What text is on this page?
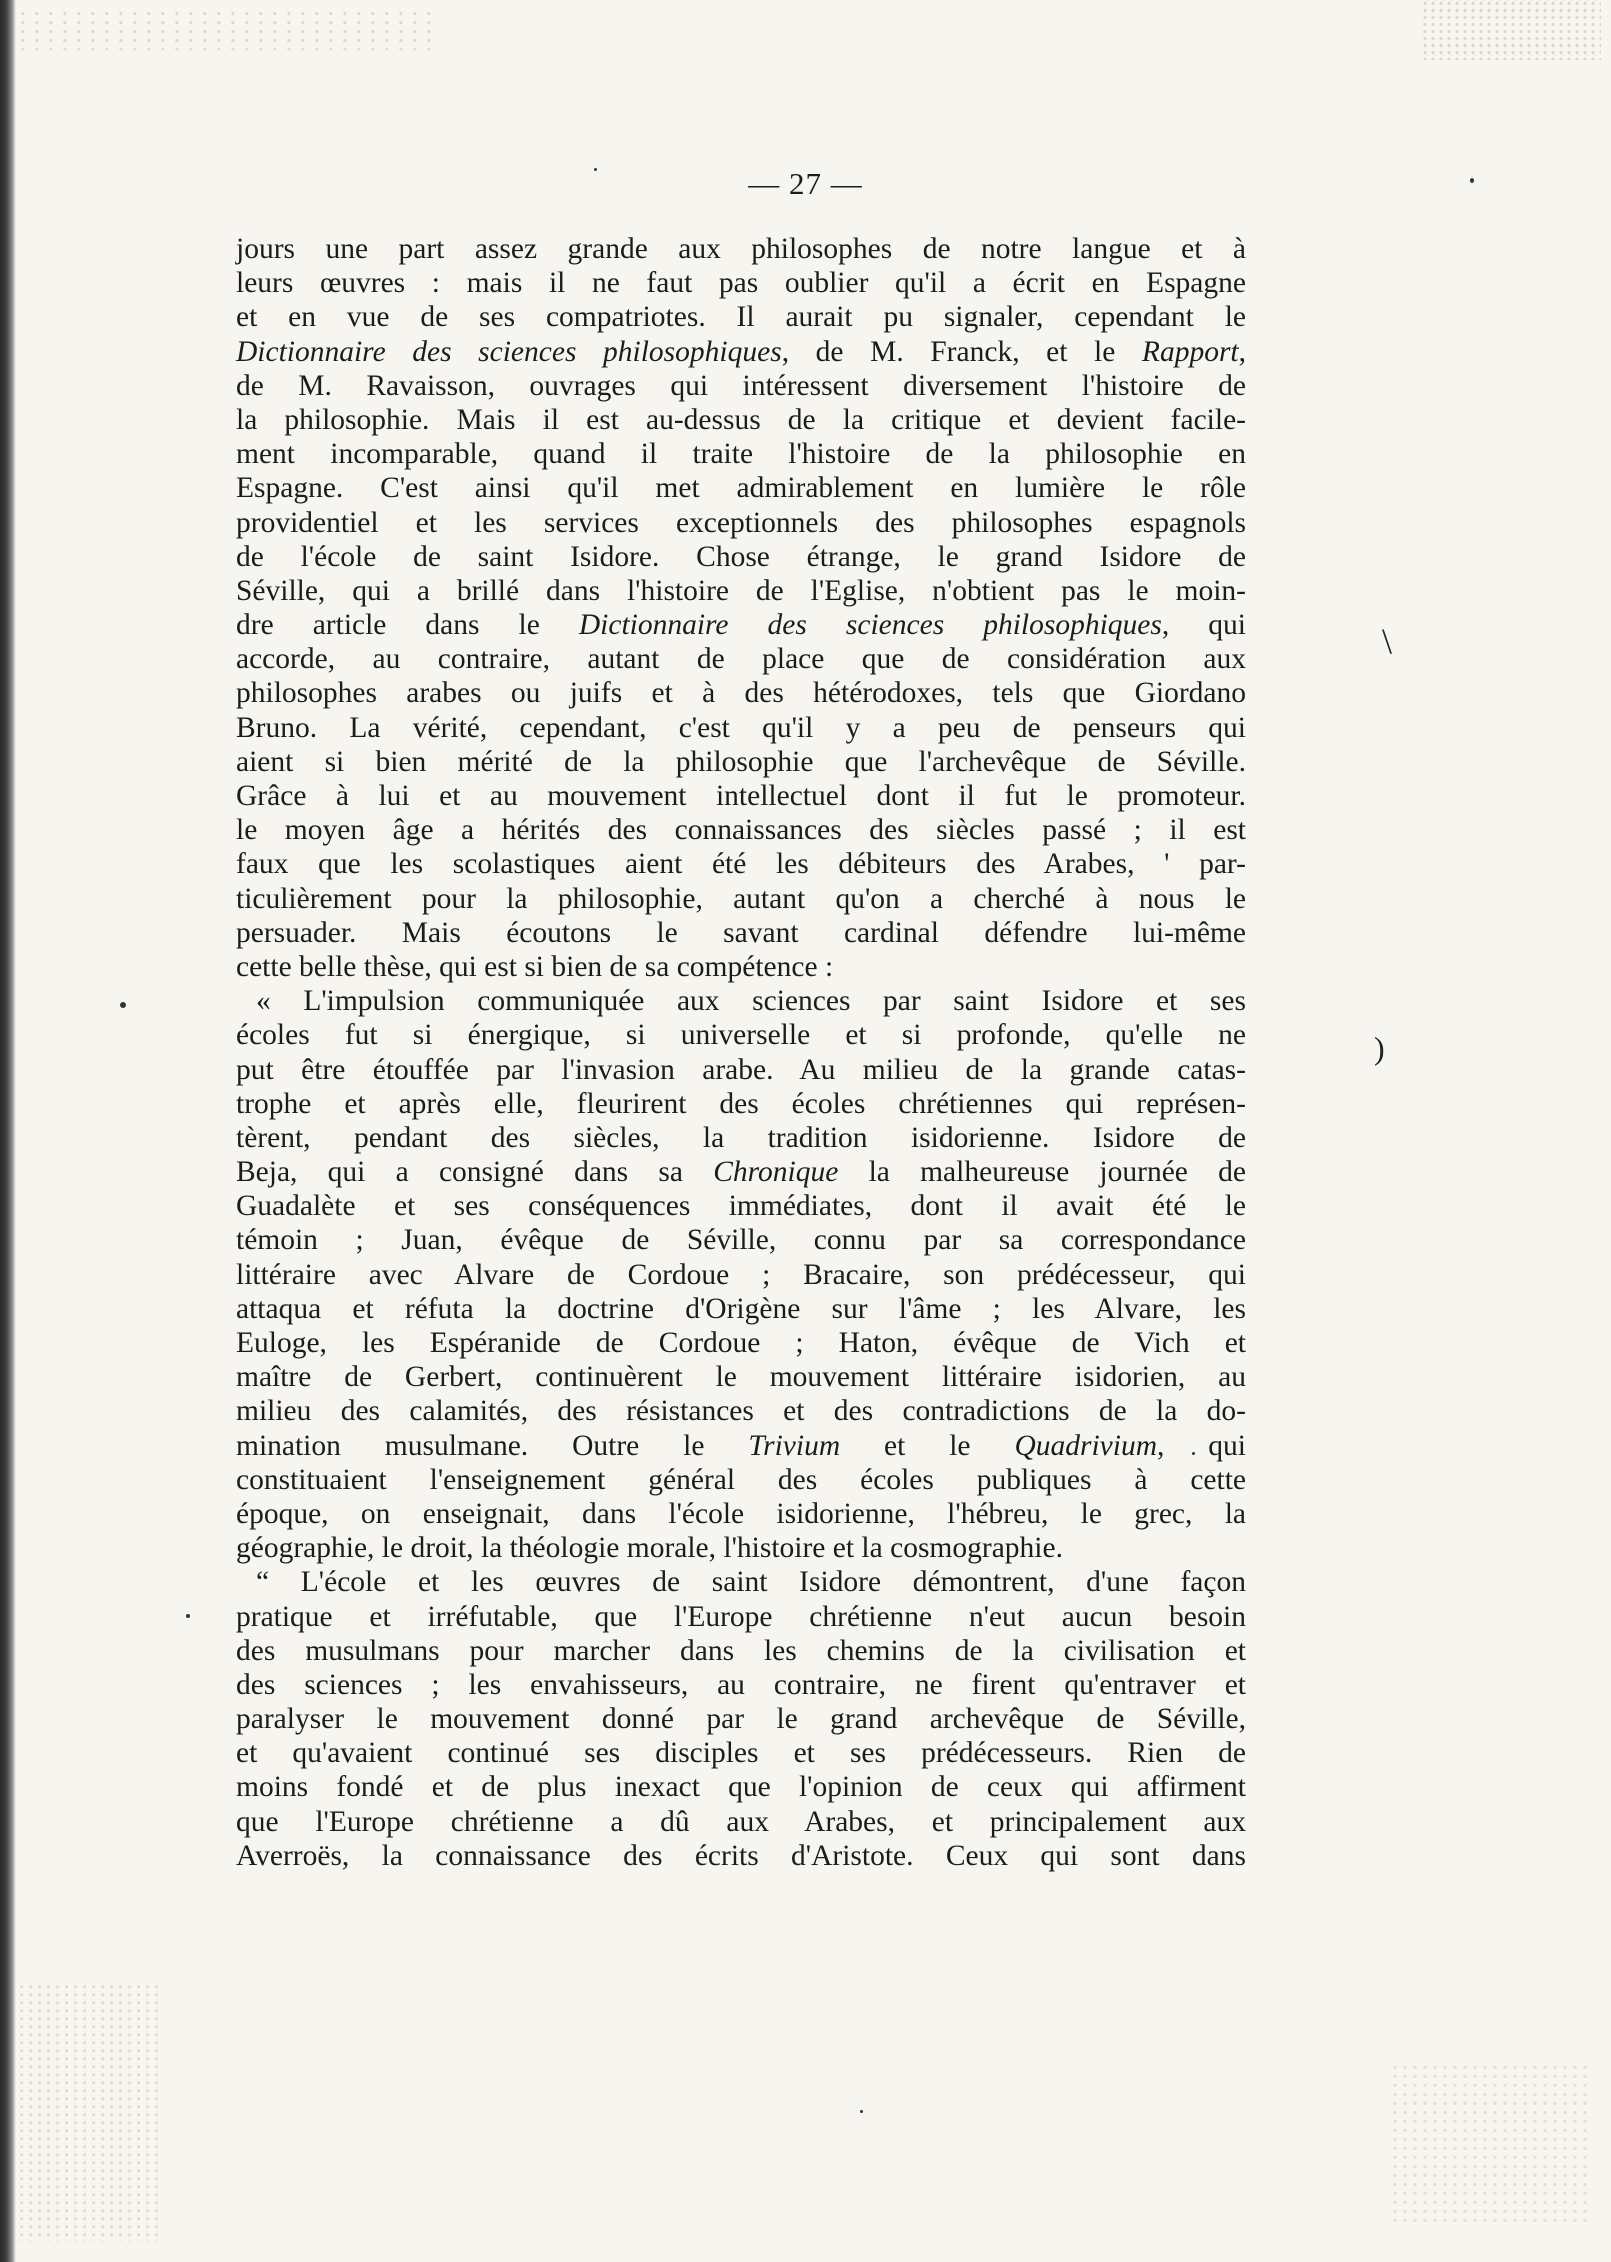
\
)
— 27 —
jours une part assez grande aux philosophes de notre langue et à
leurs œuvres : mais il ne faut pas oublier qu'il a écrit en Espagne
et en vue de ses compatriotes. Il aurait pu signaler, cependant le
Dictionnaire des sciences philosophiques, de M. Franck, et le Rapport,
de M. Ravaisson, ouvrages qui intéressent diversement l'histoire de
la philosophie. Mais il est au-dessus de la critique et devient facile-
ment incomparable, quand il traite l'histoire de la philosophie en
Espagne. C'est ainsi qu'il met admirablement en lumière le rôle
providentiel et les services exceptionnels des philosophes espagnols
de l'école de saint Isidore. Chose étrange, le grand Isidore de
Séville, qui a brillé dans l'histoire de l'Eglise, n'obtient pas le moin-
dre article dans le Dictionnaire des sciences philosophiques, qui
accorde, au contraire, autant de place que de considération aux
philosophes arabes ou juifs et à des hétérodoxes, tels que Giordano
Bruno. La vérité, cependant, c'est qu'il y a peu de penseurs qui
aient si bien mérité de la philosophie que l'archevêque de Séville.
Grâce à lui et au mouvement intellectuel dont il fut le promoteur.
le moyen âge a hérités des connaissances des siècles passé ; il est
faux que les scolastiques aient été les débiteurs des Arabes, ' par-
ticulièrement pour la philosophie, autant qu'on a cherché à nous le
persuader. Mais écoutons le savant cardinal défendre lui-même
cette belle thèse, qui est si bien de sa compétence :
« L'impulsion communiquée aux sciences par saint Isidore et ses
écoles fut si énergique, si universelle et si profonde, qu'elle ne
put être étouffée par l'invasion arabe. Au milieu de la grande catas-
trophe et après elle, fleurirent des écoles chrétiennes qui représen-
tèrent, pendant des siècles, la tradition isidorienne. Isidore de
Beja, qui a consigné dans sa Chronique la malheureuse journée de
Guadalète et ses conséquences immédiates, dont il avait été le
témoin ; Juan, évêque de Séville, connu par sa correspondance
littéraire avec Alvare de Cordoue ; Bracaire, son prédécesseur, qui
attaqua et réfuta la doctrine d'Origène sur l'âme ; les Alvare, les
Euloge, les Espéranide de Cordoue ; Haton, évêque de Vich et
maître de Gerbert, continuèrent le mouvement littéraire isidorien, au
milieu des calamités, des résistances et des contradictions de la do-
mination musulmane. Outre le Trivium et le Quadrivium, qui
constituaient l'enseignement général des écoles publiques à cette
époque, on enseignait, dans l'école isidorienne, l'hébreu, le grec, la
géographie, le droit, la théologie morale, l'histoire et la cosmographie.
“ L'école et les œuvres de saint Isidore démontrent, d'une façon
pratique et irréfutable, que l'Europe chrétienne n'eut aucun besoin
des musulmans pour marcher dans les chemins de la civilisation et
des sciences ; les envahisseurs, au contraire, ne firent qu'entraver et
paralyser le mouvement donné par le grand archevêque de Séville,
et qu'avaient continué ses disciples et ses prédécesseurs. Rien de
moins fondé et de plus inexact que l'opinion de ceux qui affirment
que l'Europe chrétienne a dû aux Arabes, et principalement aux
Averroës, la connaissance des écrits d'Aristote. Ceux qui sont dans
